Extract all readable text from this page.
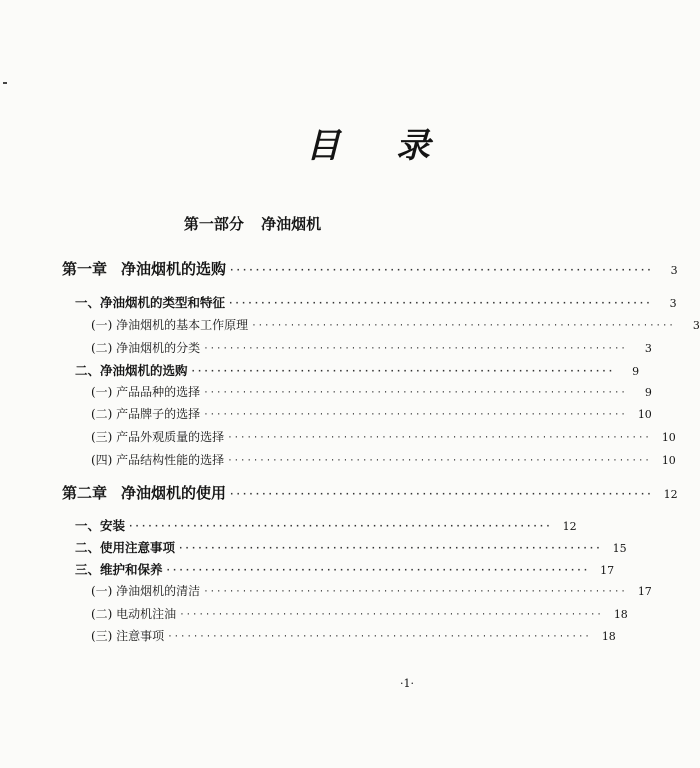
目 录
第一部分 净油烟机
第一章 净油烟机的选购 ··································································	3
一、净油烟机的类型和特征 ··································································	3
(一) 净油烟机的基本工作原理 ··································································	3
(二) 净油烟机的分类 ··································································	3
二、净油烟机的选购 ··································································	9
(一) 产品品种的选择 ··································································	9
(二) 产品牌子的选择 ··································································	10
(三) 产品外观质量的选择 ··································································	10
(四) 产品结构性能的选择 ··································································	10
第二章 净油烟机的使用 ··································································	12
一、安装 ··································································	12
二、使用注意事项 ··································································	15
三、维护和保养 ··································································	17
(一) 净油烟机的清洁 ··································································	17
(二) 电动机注油 ··································································	18
(三) 注意事项 ··································································	18
·1·
